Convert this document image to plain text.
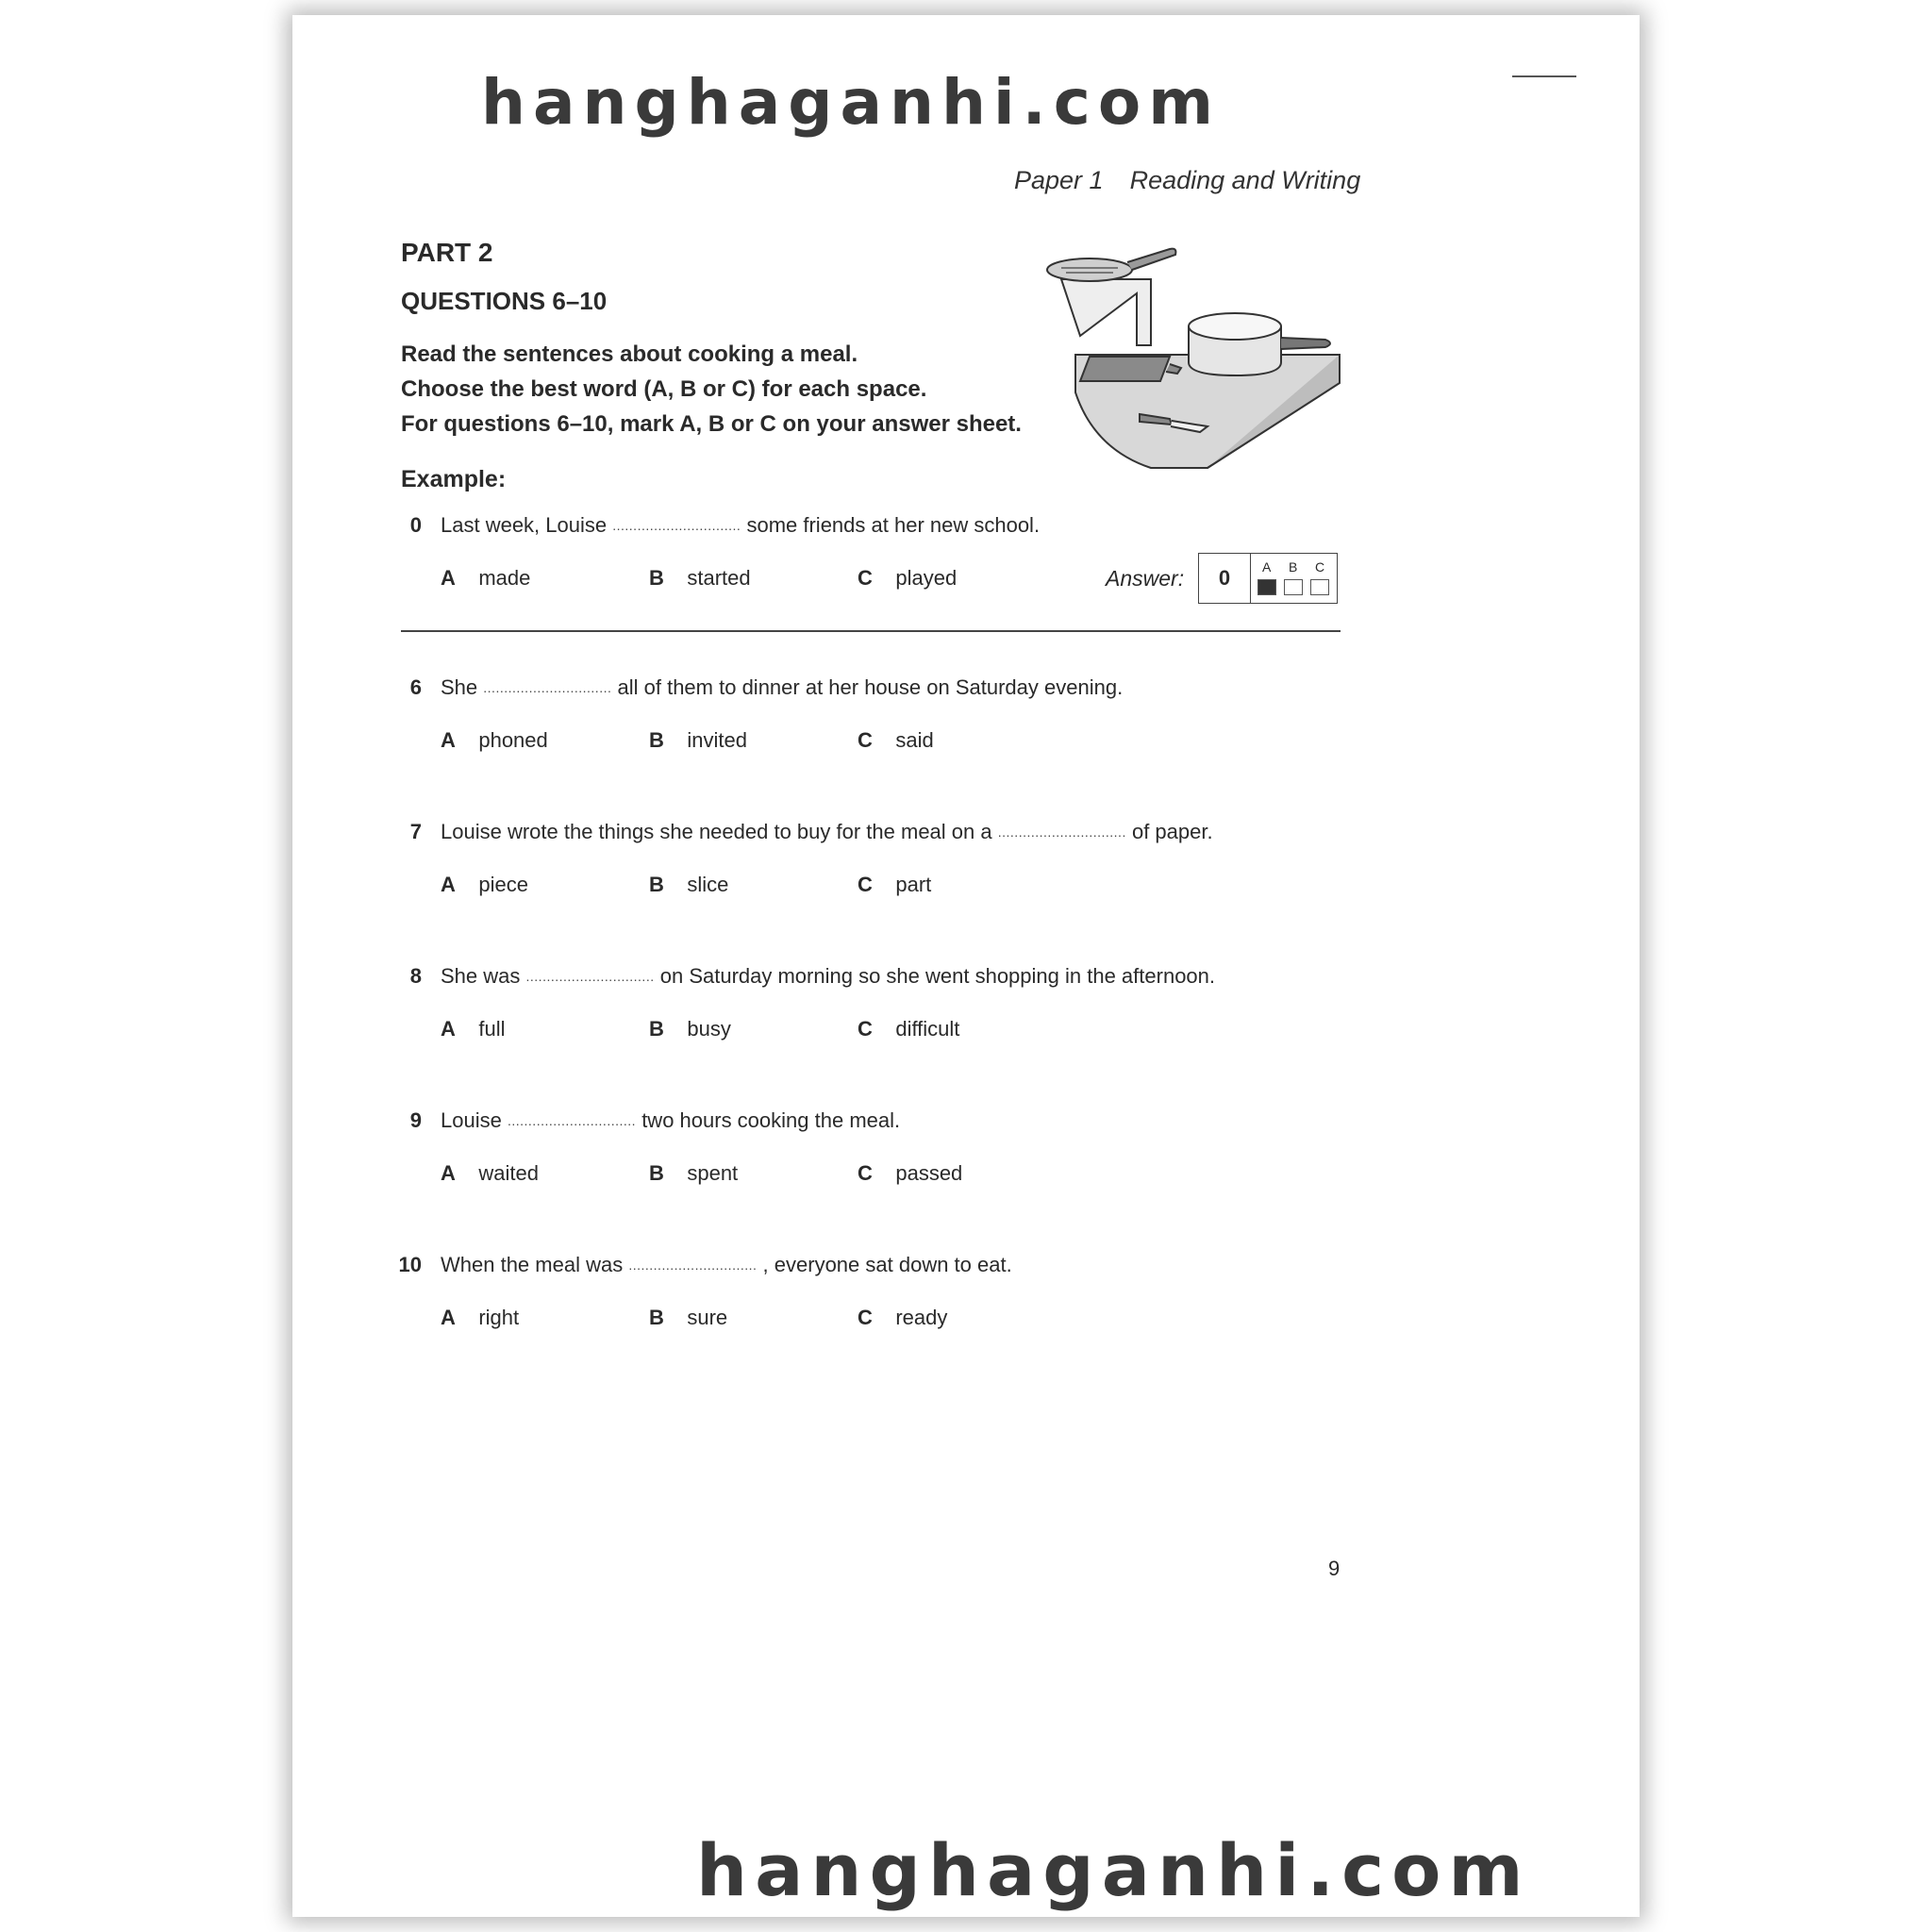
hanghaganhi.com
Paper 1 Reading and Writing
PART 2
QUESTIONS 6–10
Read the sentences about cooking a meal.
Choose the best word (A, B or C) for each space.
For questions 6–10, mark A, B or C on your answer sheet.
Example:
0 Last week, Louise ............................... some friends at her new school.
A made	B started	C played	Answer:	0	A B C
6 She ............................... all of them to dinner at her house on Saturday evening.
A phoned	B invited	C said
7 Louise wrote the things she needed to buy for the meal on a ............................... of paper.
A piece	B slice	C part
8 She was ............................... on Saturday morning so she went shopping in the afternoon.
A full	B busy	C difficult
9 Louise ............................... two hours cooking the meal.
A waited	B spent	C passed
10 When the meal was ............................... , everyone sat down to eat.
A right	B sure	C ready
9
hanghaganhi.com
